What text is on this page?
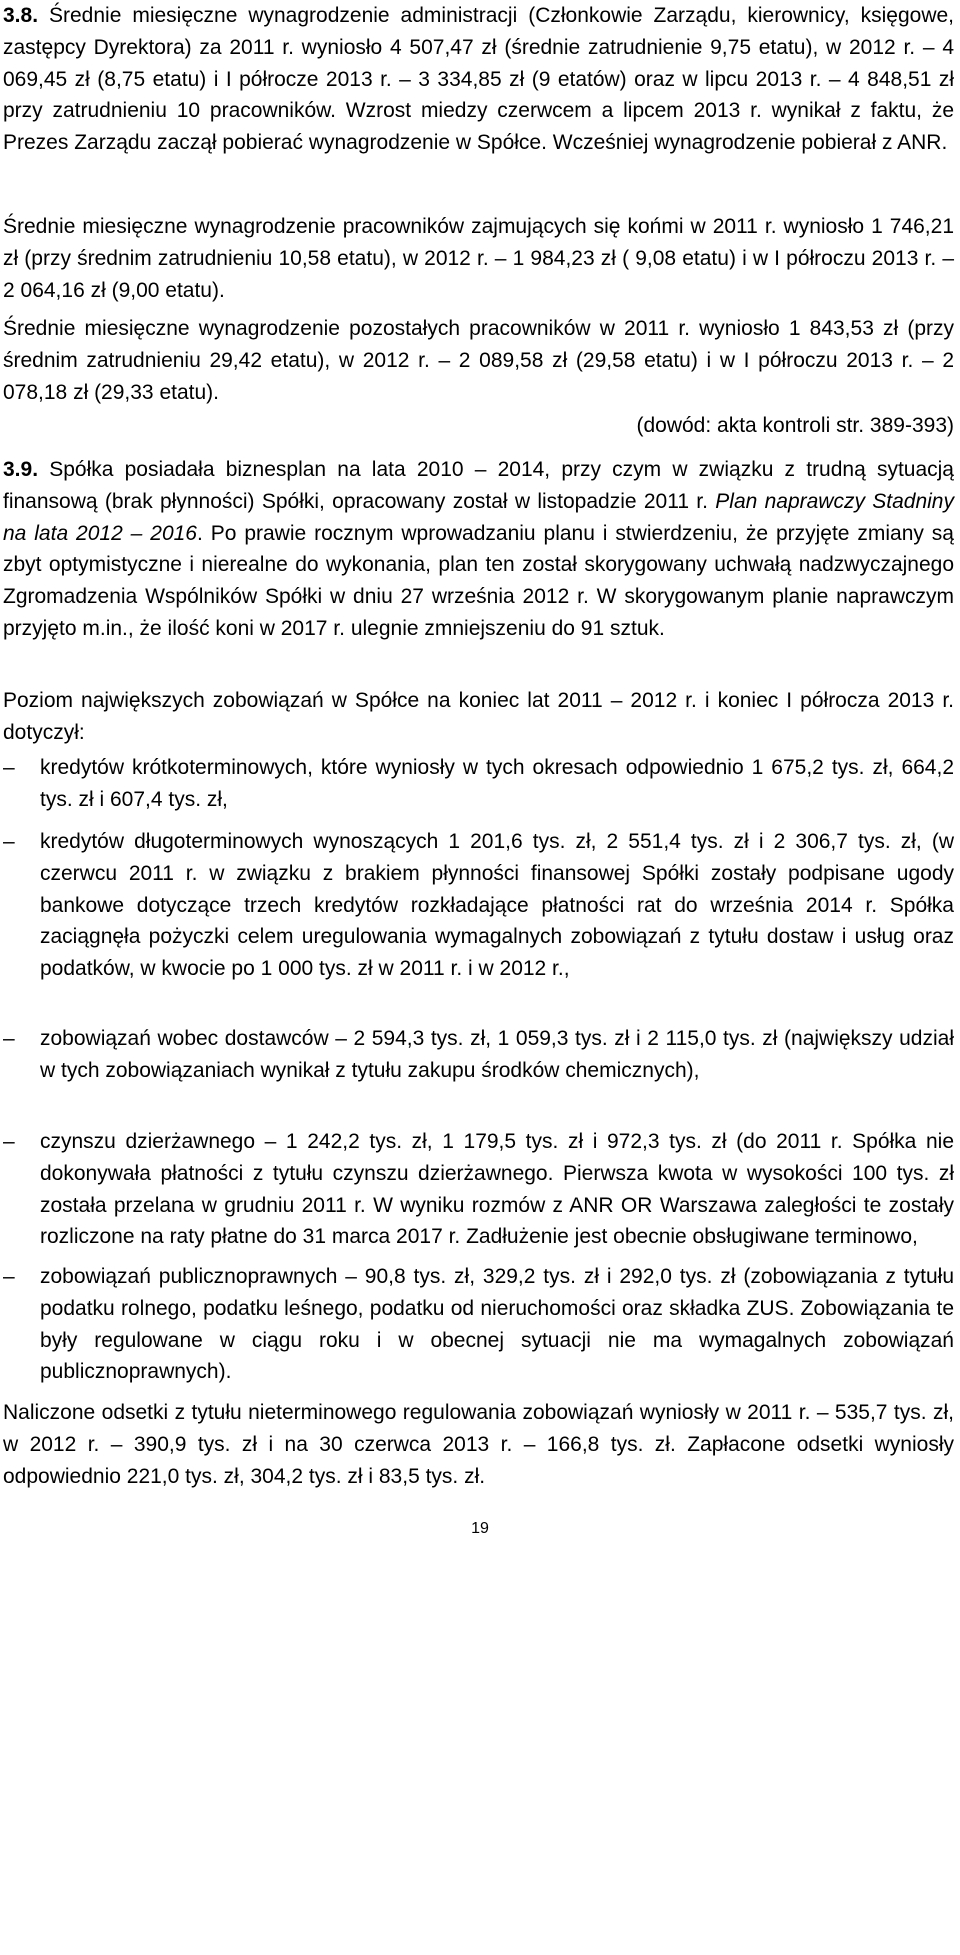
3.8. Średnie miesięczne wynagrodzenie administracji (Członkowie Zarządu, kierownicy, księgowe, zastępcy Dyrektora) za 2011 r. wyniosło 4 507,47 zł (średnie zatrudnienie 9,75 etatu), w 2012 r. – 4 069,45 zł (8,75 etatu) i I półrocze 2013 r. – 3 334,85 zł (9 etatów) oraz w lipcu 2013 r. – 4 848,51 zł przy zatrudnieniu 10 pracowników. Wzrost miedzy czerwcem a lipcem 2013 r. wynikał z faktu, że Prezes Zarządu zaczął pobierać wynagrodzenie w Spółce. Wcześniej wynagrodzenie pobierał z ANR.

Średnie miesięczne wynagrodzenie pracowników zajmujących się końmi w 2011 r. wyniosło 1 746,21 zł (przy średnim zatrudnieniu 10,58 etatu), w 2012 r. – 1 984,23 zł ( 9,08 etatu) i w I półroczu 2013 r. – 2 064,16 zł (9,00 etatu).

Średnie miesięczne wynagrodzenie pozostałych pracowników w 2011 r. wyniosło 1 843,53 zł (przy średnim zatrudnieniu 29,42 etatu), w 2012 r. – 2 089,58 zł (29,58 etatu) i w I półroczu 2013 r. – 2 078,18 zł (29,33 etatu).

(dowód: akta kontroli str. 389-393)

3.9. Spółka posiadała biznesplan na lata 2010 – 2014, przy czym w związku z trudną sytuacją finansową (brak płynności) Spółki, opracowany został w listopadzie 2011 r. Plan naprawczy Stadniny na lata 2012 – 2016. Po prawie rocznym wprowadzaniu planu i stwierdzeniu, że przyjęte zmiany są zbyt optymistyczne i nierealne do wykonania, plan ten został skorygowany uchwałą nadzwyczajnego Zgromadzenia Wspólników Spółki w dniu 27 września 2012 r. W skorygowanym planie naprawczym przyjęto m.in., że ilość koni w 2017 r. ulegnie zmniejszeniu do 91 sztuk.

Poziom największych zobowiązań w Spółce na koniec lat 2011 – 2012 r. i koniec I półrocza 2013 r. dotyczył:

–	kredytów krótkoterminowych, które wyniosły w tych okresach odpowiednio 1 675,2 tys. zł, 664,2 tys. zł i 607,4 tys. zł,
–	kredytów długoterminowych wynoszących 1 201,6 tys. zł, 2 551,4 tys. zł i 2 306,7 tys. zł, (w czerwcu 2011 r. w związku z brakiem płynności finansowej Spółki zostały podpisane ugody bankowe dotyczące trzech kredytów rozkładające płatności rat do września 2014 r. Spółka zaciągnęła pożyczki celem uregulowania wymagalnych zobowiązań z tytułu dostaw i usług oraz podatków, w kwocie po 1 000 tys. zł w 2011 r. i w 2012 r.,
–	zobowiązań wobec dostawców – 2 594,3 tys. zł, 1 059,3 tys. zł i 2 115,0 tys. zł (największy udział w tych zobowiązaniach wynikał z tytułu zakupu środków chemicznych),
–	czynszu dzierżawnego – 1 242,2 tys. zł, 1 179,5 tys. zł i 972,3 tys. zł (do 2011 r. Spółka nie dokonywała płatności z tytułu czynszu dzierżawnego. Pierwsza kwota w wysokości 100 tys. zł została przelana w grudniu 2011 r. W wyniku rozmów z ANR OR Warszawa zaległości te zostały rozliczone na raty płatne do 31 marca 2017 r. Zadłużenie jest obecnie obsługiwane terminowo,
–	zobowiązań publicznoprawnych – 90,8 tys. zł, 329,2 tys. zł i 292,0 tys. zł (zobowiązania z tytułu podatku rolnego, podatku leśnego, podatku od nieruchomości oraz składka ZUS. Zobowiązania te były regulowane w ciągu roku i w obecnej sytuacji nie ma wymagalnych zobowiązań publicznoprawnych).

Naliczone odsetki z tytułu nieterminowego regulowania zobowiązań wyniosły w 2011 r. – 535,7 tys. zł, w 2012 r. – 390,9 tys. zł i na 30 czerwca 2013 r. – 166,8 tys. zł. Zapłacone odsetki wyniosły odpowiednio 221,0 tys. zł, 304,2 tys. zł i 83,5 tys. zł.

19
